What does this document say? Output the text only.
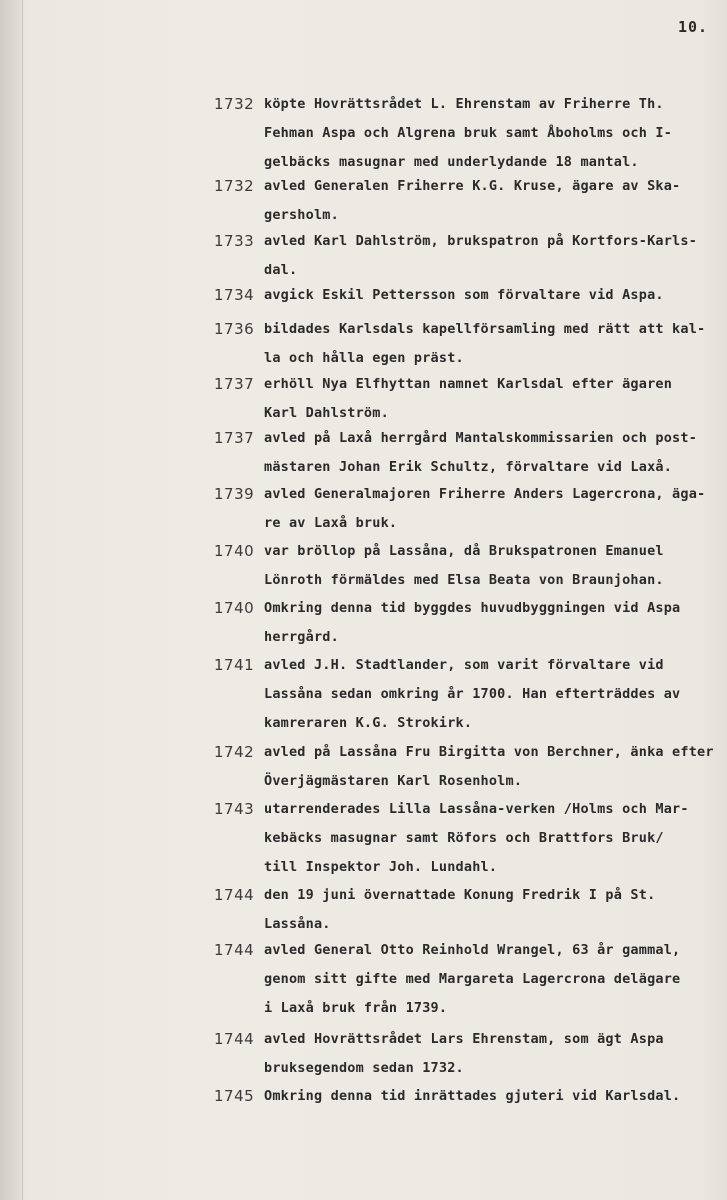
10.
1732 köpte Hovrättsrådet L. Ehrenstam av Friherre Th.
Fehman Aspa och Algrena bruk samt Åboholms och I-
gelbäcks masugnar med underlydande 18 mantal.
1732 avled Generalen Friherre K.G. Kruse, ägare av Ska-
gersholm.
1733 avled Karl Dahlström, brukspatron på Kortfors-Karls-
dal.
1734 avgick Eskil Pettersson som förvaltare vid Aspa.
1736 bildades Karlsdals kapellförsamling med rätt att kal-
la och hålla egen präst.
1737 erhöll Nya Elfhyttan namnet Karlsdal efter ägaren
Karl Dahlström.
1737 avled på Laxå herrgård Mantalskommissarien och post-
mästaren Johan Erik Schultz, förvaltare vid Laxå.
1739 avled Generalmajoren Friherre Anders Lagercrona, äga-
re av Laxå bruk.
1740 var bröllop på Lassåna, då Brukspatronen Emanuel
Lönroth förmäldes med Elsa Beata von Braunjohan.
1740 Omkring denna tid byggdes huvudbyggningen vid Aspa
herrgård.
1741 avled J.H. Stadtlander, som varit förvaltare vid
Lassåna sedan omkring år 1700. Han efterträddes av
kamreraren K.G. Strokirk.
1742 avled på Lassåna Fru Birgitta von Berchner, änka efter
Överjägmästaren Karl Rosenholm.
1743 utarrenderades Lilla Lassåna-verken /Holms och Mar-
kebäcks masugnar samt Röfors och Brattfors Bruk/
till Inspektor Joh. Lundahl.
1744 den 19 juni övernattade Konung Fredrik I på St.
Lassåna.
1744 avled General Otto Reinhold Wrangel, 63 år gammal,
genom sitt gifte med Margareta Lagercrona delägare
i Laxå bruk från 1739.
1744 avled Hovrättsrådet Lars Ehrenstam, som ägt Aspa
bruksegendom sedan 1732.
1745 Omkring denna tid inrättades gjuteri vid Karlsdal.
